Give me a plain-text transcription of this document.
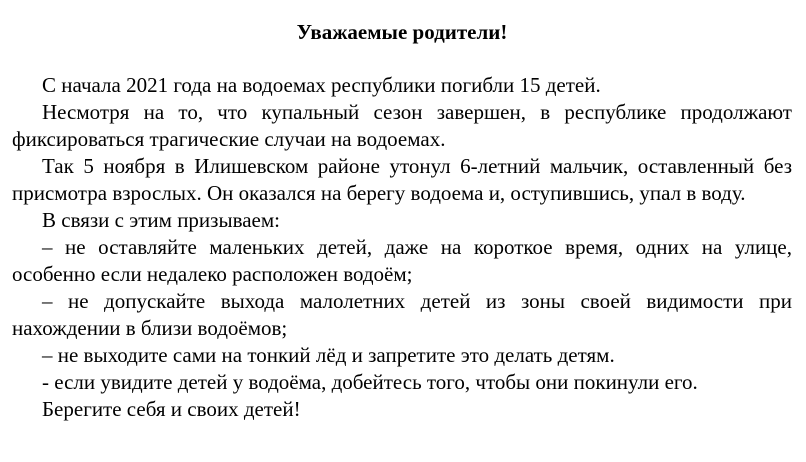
Уважаемые родители!

С начала 2021 года на водоемах республики погибли 15 детей.

Несмотря на то, что купальный сезон завершен, в республике продолжают фиксироваться трагические случаи на водоемах.

Так 5 ноября в Илишевском районе утонул 6-летний мальчик, оставленный без присмотра взрослых. Он оказался на берегу водоема и, оступившись, упал в воду.

В связи с этим призываем:

– не оставляйте маленьких детей, даже на короткое время, одних на улице, особенно если недалеко расположен водоём;

– не допускайте выхода малолетних детей из зоны своей видимости при нахождении в близи водоёмов;

– не выходите сами на тонкий лёд и запретите это делать детям.

- если увидите детей у водоёма, добейтесь того, чтобы они покинули его.

Берегите себя и своих детей!
